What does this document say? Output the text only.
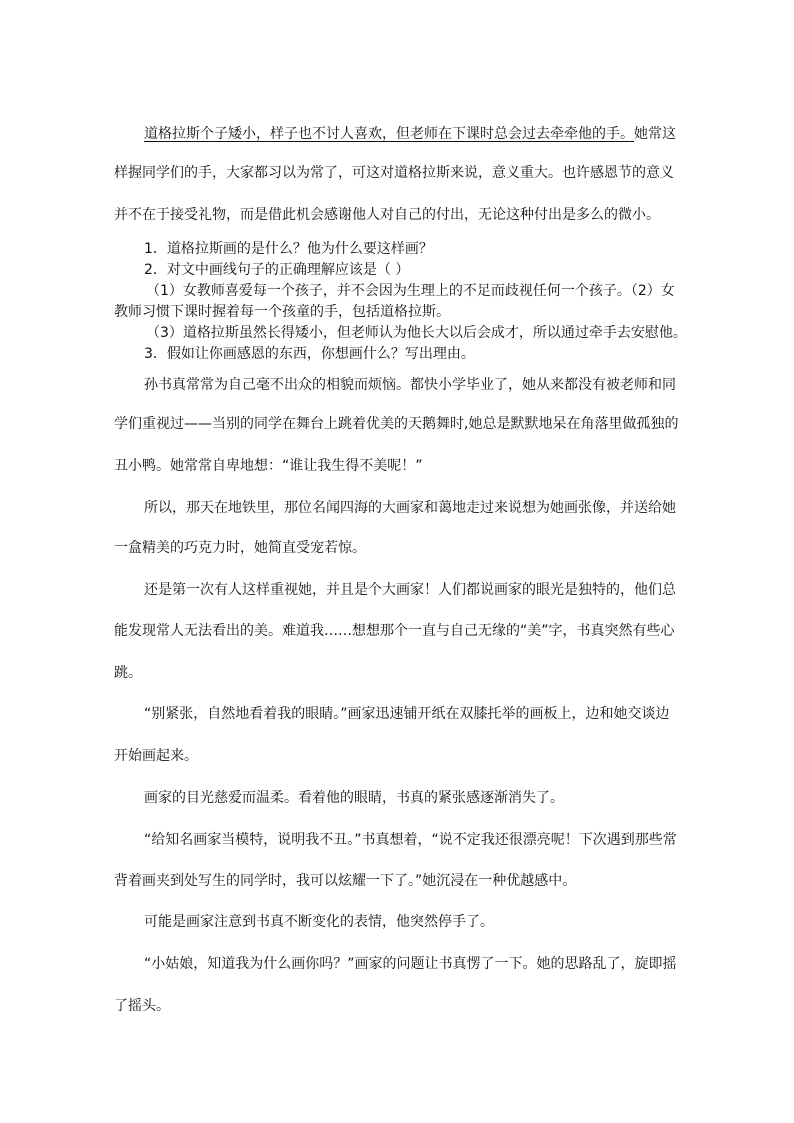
道格拉斯个子矮小，样子也不讨人喜欢，但老师在下课时总会过去牵牵他的手。她常这

样握同学们的手，大家都习以为常了，可这对道格拉斯来说，意义重大。也许感恩节的意义

并不在于接受礼物，而是借此机会感谢他人对自己的付出，无论这种付出是多么的微小。

1．道格拉斯画的是什么？他为什么要这样画？

2．对文中画线句子的正确理解应该是（ ）

（1）女教师喜爱每一个孩子，并不会因为生理上的不足而歧视任何一个孩子。（2）女

教师习惯下课时握着每一个孩童的手，包括道格拉斯。

（3）道格拉斯虽然长得矮小，但老师认为他长大以后会成才，所以通过牵手去安慰他。

3．假如让你画感恩的东西，你想画什么？写出理由。

孙书真常常为自己毫不出众的相貌而烦恼。都快小学毕业了，她从来都没有被老师和同

学们重视过——当别的同学在舞台上跳着优美的天鹅舞时,她总是默默地呆在角落里做孤独的

丑小鸭。她常常自卑地想：“谁让我生得不美呢！”

所以，那天在地铁里，那位名闻四海的大画家和蔼地走过来说想为她画张像，并送给她

一盒精美的巧克力时，她简直受宠若惊。

还是第一次有人这样重视她，并且是个大画家！人们都说画家的眼光是独特的，他们总

能发现常人无法看出的美。难道我……想想那个一直与自己无缘的“美”字，书真突然有些心

跳。

“别紧张，自然地看着我的眼睛。”画家迅速铺开纸在双膝托举的画板上，边和她交谈边

开始画起来。

画家的目光慈爱而温柔。看着他的眼睛，书真的紧张感逐渐消失了。

“给知名画家当模特，说明我不丑。”书真想着，“说不定我还很漂亮呢！下次遇到那些常

背着画夹到处写生的同学时，我可以炫耀一下了。”她沉浸在一种优越感中。

可能是画家注意到书真不断变化的表情，他突然停手了。

“小姑娘，知道我为什么画你吗？”画家的问题让书真愣了一下。她的思路乱了，旋即摇

了摇头。
